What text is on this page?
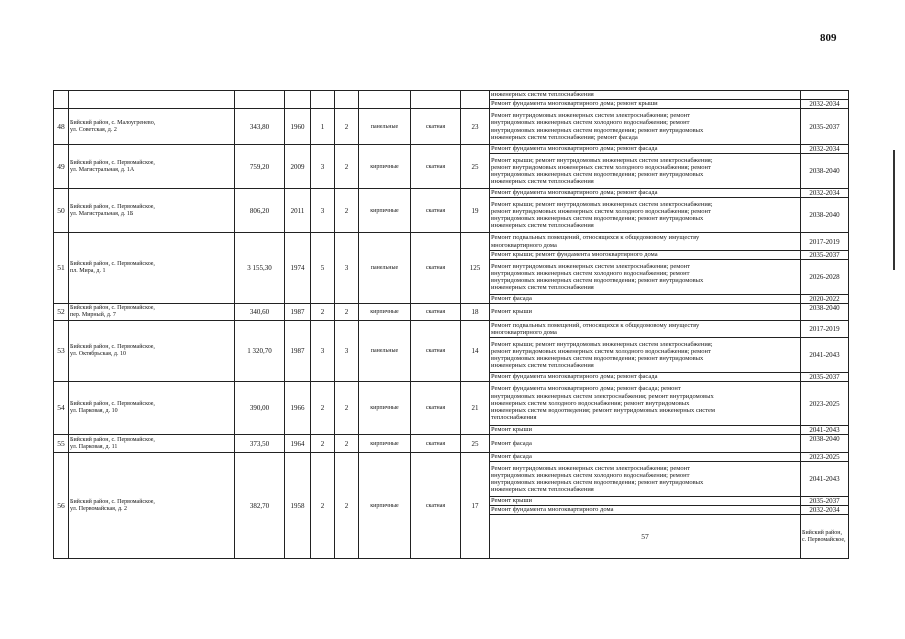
809
									инженерных систем теплоснабжения		
									Ремонт фундамента многоквартирного дома; ремонт крыши	2032-2034	
48	Бийский район, с. Малоугренево,
ул. Советская, д. 2	343,80	1960	1	2	панельные	скатная	23	Ремонт внутридомовых инженерных систем электроснабжения; ремонт
внутридомовых инженерных систем холодного водоснабжения; ремонт
внутридомовых инженерных систем водоотведения; ремонт внутридомовых
инженерных систем теплоснабжения; ремонт фасада	2035-2037	
49	Бийский район, с. Первомайское,
ул. Магистральная, д. 1А	759,20	2009	3	2	кирпичные	скатная	25	Ремонт фундамента многоквартирного дома; ремонт фасада	2032-2034	

									Ремонт крыши; ремонт внутридомовых инженерных систем электроснабжения;
ремонт внутридомовых инженерных систем холодного водоснабжения; ремонт
внутридомовых инженерных систем водоотведения; ремонт внутридомовых
инженерных систем теплоснабжения	2038-2040	
50	Бийский район, с. Первомайское,
ул. Магистральная, д. 1Б	806,20	2011	3	2	кирпичные	скатная	19	Ремонт фундамента многоквартирного дома; ремонт фасада	2032-2034	

									Ремонт крыши; ремонт внутридомовых инженерных систем электроснабжения;
ремонт внутридомовых инженерных систем холодного водоснабжения; ремонт
внутридомовых инженерных систем водоотведения; ремонт внутридомовых
инженерных систем теплоснабжения	2038-2040	
51	Бийский район, с. Первомайское,
пл. Мира, д. 1	3 155,30	1974	5	3	панельные	скатная	125	Ремонт подвальных помещений, относящихся к общедомовому имуществу
многоквартирного дома	2017-2019	
									Ремонт крыши; ремонт фундамента многоквартирного дома	2035-2037	

									Ремонт внутридомовых инженерных систем электроснабжения; ремонт
внутридомовых инженерных систем холодного водоснабжения; ремонт
внутридомовых инженерных систем водоотведения; ремонт внутридомовых
инженерных систем теплоснабжения	2026-2028	
									Ремонт фасада	2020-2022	
52	Бийский район, с. Первомайское,
пер. Мирный, д. 7	340,60	1987	2	2	кирпичные	скатная	18	Ремонт крыши	2038-2040	
53	Бийский район, с. Первомайское,
ул. Октябрьская, д. 10	1 320,70	1987	3	3	панельные	скатная	14	Ремонт подвальных помещений, относящихся к общедомовому имуществу
многоквартирного дома	2017-2019	

									Ремонт крыши; ремонт внутридомовых инженерных систем электроснабжения;
ремонт внутридомовых инженерных систем холодного водоснабжения; ремонт
внутридомовых инженерных систем водоотведения; ремонт внутридомовых
инженерных систем теплоснабжения	2041-2043	
									Ремонт фундамента многоквартирного дома; ремонт фасада	2035-2037	
54	Бийский район, с. Первомайское,
ул. Парковая, д. 10	390,00	1966	2	2	кирпичные	скатная	21	Ремонт фундамента многоквартирного дома; ремонт фасада; ремонт
внутридомовых инженерных систем электроснабжения; ремонт внутридомовых
инженерных систем холодного водоснабжения; ремонт внутридомовых
инженерных систем водоотведения; ремонт внутридомовых инженерных систем
теплоснабжения	2023-2025	
									Ремонт крыши	2041-2043	
55	Бийский район, с. Первомайское,
ул. Парковая, д. 11	373,50	1964	2	2	кирпичные	скатная	25	Ремонт фасада	2038-2040	
56	Бийский район, с. Первомайское,
ул. Первомайская, д. 2	382,70	1958	2	2	кирпичные	скатная	17	Ремонт фасада	2023-2025	

									Ремонт внутридомовых инженерных систем электроснабжения; ремонт
внутридомовых инженерных систем холодного водоснабжения; ремонт
внутридомовых инженерных систем водоотведения; ремонт внутридомовых
инженерных систем теплоснабжения	2041-2043	
									Ремонт крыши	2035-2037	
									Ремонт фундамента многоквартирного дома	2032-2034	
									57	Бийский район, с. Первомайское,
